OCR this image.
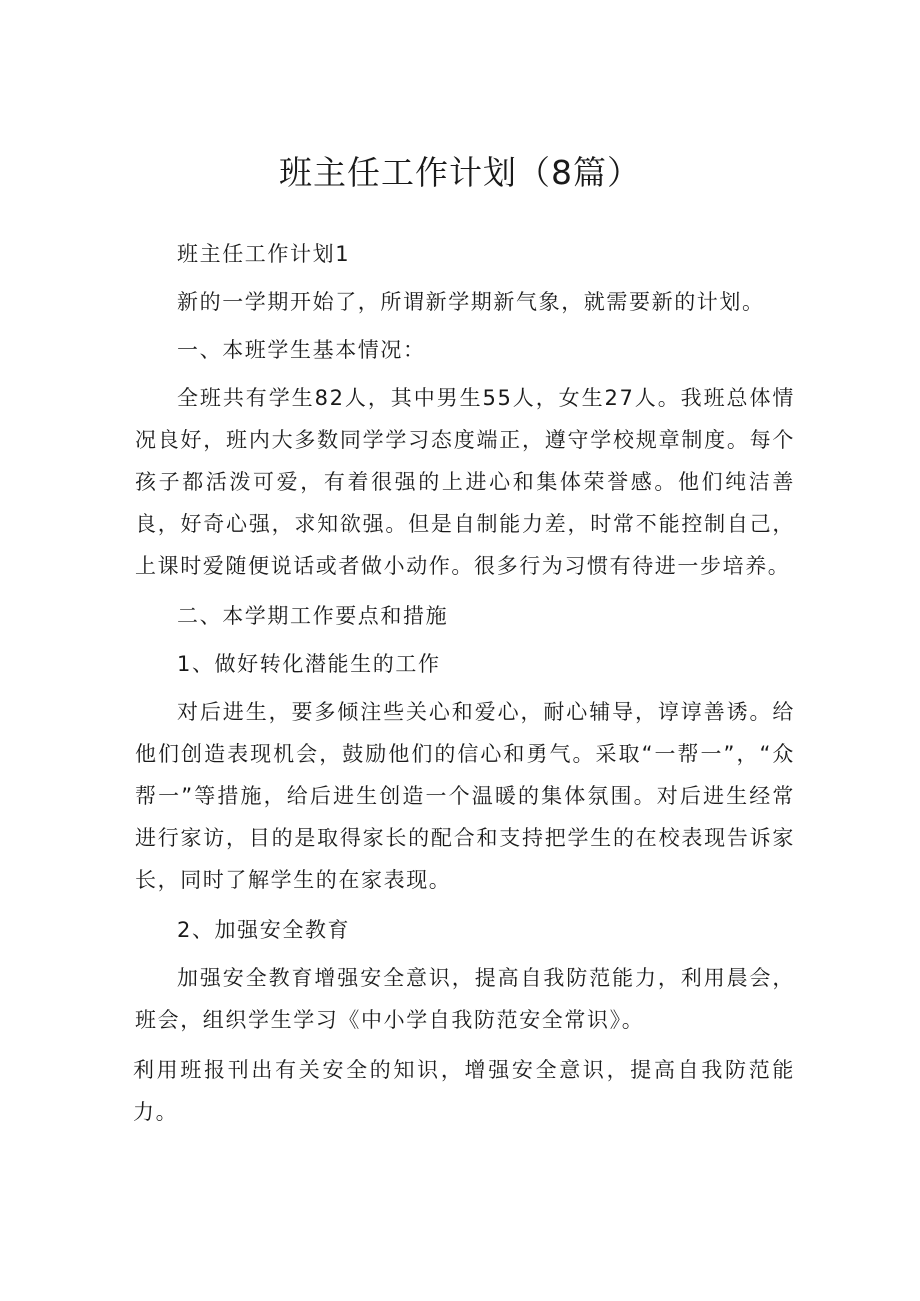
班主任工作计划（8篇）

班主任工作计划1

新的一学期开始了，所谓新学期新气象，就需要新的计划。

一、本班学生基本情况：

全班共有学生82人，其中男生55人，女生27人。我班总体情况良好，班内大多数同学学习态度端正，遵守学校规章制度。每个孩子都活泼可爱，有着很强的上进心和集体荣誉感。他们纯洁善良，好奇心强，求知欲强。但是自制能力差，时常不能控制自己，上课时爱随便说话或者做小动作。很多行为习惯有待进一步培养。

二、本学期工作要点和措施

1、做好转化潜能生的工作

对后进生，要多倾注些关心和爱心，耐心辅导，谆谆善诱。给他们创造表现机会，鼓励他们的信心和勇气。采取“一帮一”，“众帮一”等措施，给后进生创造一个温暖的集体氛围。对后进生经常进行家访，目的是取得家长的配合和支持把学生的在校表现告诉家长，同时了解学生的在家表现。

2、加强安全教育

加强安全教育增强安全意识，提高自我防范能力，利用晨会，班会，组织学生学习《中小学自我防范安全常识》。

利用班报刊出有关安全的知识，增强安全意识，提高自我防范能力。
